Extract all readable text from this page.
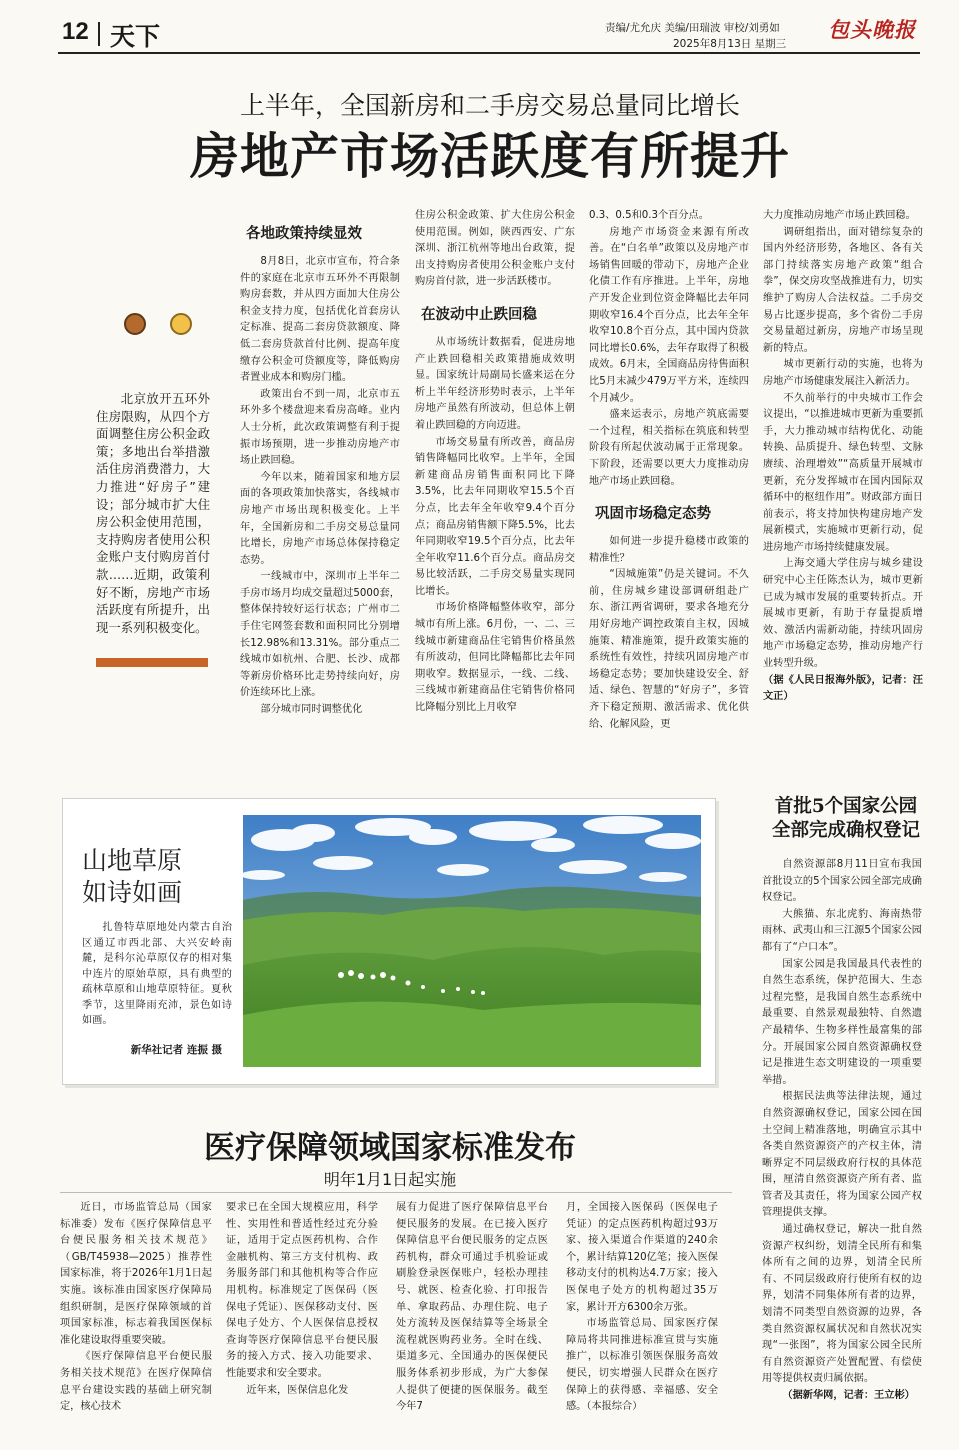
12 天下	责编/尤允庆 美编/田瑞波 审校/刘勇如
2025年8月13日 星期三
包头晚报
上半年，全国新房和二手房交易总量同比增长
房地产市场活跃度有所提升
北京放开五环外住房限购，从四个方面调整住房公积金政策；多地出台举措激活住房消费潜力，大力推进“好房子”建设；部分城市扩大住房公积金使用范围，支持购房者使用公积金账户支付购房首付款……近期，政策利好不断，房地产市场活跃度有所提升，出现一系列积极变化。
各地政策持续显效

8月8日，北京市宣布，符合条件的家庭在北京市五环外不再限制购房套数，并从四方面加大住房公积金支持力度，包括优化首套房认定标准、提高二套房贷款额度、降低二套房贷款首付比例、提高年度缴存公积金可贷额度等，降低购房者置业成本和购房门槛。

政策出台不到一周，北京市五环外多个楼盘迎来看房高峰。业内人士分析，此次政策调整有利于提振市场预期，进一步推动房地产市场止跌回稳。

今年以来，随着国家和地方层面的各项政策加快落实，各线城市房地产市场出现积极变化。上半年，全国新房和二手房交易总量同比增长，房地产市场总体保持稳定态势。

一线城市中，深圳市上半年二手房市场月均成交量超过5000套，整体保持较好运行状态；广州市二手住宅网签套数和面积同比分别增长12.98%和13.31%。部分重点二线城市如杭州、合肥、长沙、成都等新房价格环比走势持续向好，房价连续环比上涨。

部分城市同时调整优化

住房公积金政策、扩大住房公积金使用范围。例如，陕西西安、广东深圳、浙江杭州等地出台政策，提出支持购房者使用公积金账户支付购房首付款，进一步活跃楼市。

在波动中止跌回稳

从市场统计数据看，促进房地产止跌回稳相关政策措施成效明显。国家统计局副局长盛来运在分析上半年经济形势时表示，上半年房地产虽然有所波动，但总体上朝着止跌回稳的方向迈进。

市场交易量有所改善，商品房销售降幅同比收窄。上半年，全国新建商品房销售面积同比下降3.5%，比去年同期收窄15.5个百分点，比去年全年收窄9.4个百分点；商品房销售额下降5.5%，比去年同期收窄19.5个百分点，比去年全年收窄11.6个百分点。商品房交易比较活跃，二手房交易量实现同比增长。

市场价格降幅整体收窄，部分城市有所上涨。6月份，一、二、三线城市新建商品住宅销售价格虽然有所波动，但同比降幅都比去年同期收窄。数据显示，一线、二线、三线城市新建商品住宅销售价格同比降幅分别比上月收窄

0.3、0.5和0.3个百分点。

房地产市场资金来源有所改善。在“白名单”政策以及房地产市场销售回暖的带动下，房地产企业化债工作有序推进。上半年，房地产开发企业到位资金降幅比去年同期收窄16.4个百分点，比去年全年收窄10.8个百分点，其中国内贷款同比增长0.6%，去年存取得了积极成效。6月末，全国商品房待售面积比5月末减少479万平方米，连续四个月减少。

盛来运表示，房地产筑底需要一个过程，相关指标在筑底和转型阶段有所起伏波动属于正常现象。下阶段，还需要以更大力度推动房地产市场止跌回稳。

巩固市场稳定态势

如何进一步提升稳楼市政策的精准性？

“因城施策”仍是关键词。不久前，住房城乡建设部调研组赴广东、浙江两省调研，要求各地充分用好房地产调控政策自主权，因城施策、精准施策，提升政策实施的系统性有效性，持续巩固房地产市场稳定态势；要加快建设安全、舒适、绿色、智慧的“好房子”，多管齐下稳定预期、激活需求、优化供给、化解风险，更

大力度推动房地产市场止跌回稳。

调研组指出，面对错综复杂的国内外经济形势，各地区、各有关部门持续落实房地产政策“组合拳”，保交房攻坚战推进有力，切实维护了购房人合法权益。二手房交易占比逐步提高，多个省份二手房交易量超过新房，房地产市场呈现新的特点。

城市更新行动的实施，也将为房地产市场健康发展注入新活力。

不久前举行的中央城市工作会议提出，“以推进城市更新为重要抓手，大力推动城市结构优化、动能转换、品质提升、绿色转型、文脉赓续、治理增效”“高质量开展城市更新，充分发挥城市在国内国际双循环中的枢纽作用”。财政部方面日前表示，将支持加快构建房地产发展新模式，实施城市更新行动，促进房地产市场持续健康发展。

上海交通大学住房与城乡建设研究中心主任陈杰认为，城市更新已成为城市发展的重要转折点。开展城市更新，有助于存量提质增效、激活内需新动能，持续巩固房地产市场稳定态势，推动房地产行业转型升级。

（据《人民日报海外版》，记者：汪文正）

山地草原
如诗如画
扎鲁特草原地处内蒙古自治区通辽市西北部、大兴安岭南麓，是科尔沁草原仅存的相对集中连片的原始草原，具有典型的疏林草原和山地草原特征。夏秋季节，这里降雨充沛，景色如诗如画。
新华社记者 连振 摄
首批5个国家公园
全部完成确权登记

自然资源部8月11日宣布我国首批设立的5个国家公园全部完成确权登记。

大熊猫、东北虎豹、海南热带雨林、武夷山和三江源5个国家公园都有了“户口本”。

国家公园是我国最具代表性的自然生态系统，保护范围大、生态过程完整，是我国自然生态系统中最重要、自然景观最独特、自然遗产最精华、生物多样性最富集的部分。开展国家公园自然资源确权登记是推进生态文明建设的一项重要举措。

根据民法典等法律法规，通过自然资源确权登记，国家公园在国土空间上精准落地，明确宣示其中各类自然资源资产的产权主体，清晰界定不同层级政府行权的具体范围，厘清自然资源资产所有者、监管者及其责任，将为国家公园产权管理提供支撑。

通过确权登记，解决一批自然资源产权纠纷，划清全民所有和集体所有之间的边界，划清全民所有、不同层级政府行使所有权的边界，划清不同集体所有者的边界，划清不同类型自然资源的边界，各类自然资源权属状况和自然状况实现“一张图”，将为国家公园全民所有自然资源资产处置配置、有偿使用等提供权责归属依据。

（据新华网，记者：王立彬）

医疗保障领域国家标准发布
明年1月1日起实施

近日，市场监管总局（国家标准委）发布《医疗保障信息平台便民服务相关技术规范》（GB/T45938—2025）推荐性国家标准，将于2026年1月1日起实施。该标准由国家医疗保障局组织研制，是医疗保障领域的首项国家标准，标志着我国医保标准化建设取得重要突破。

《医疗保障信息平台便民服务相关技术规范》在医疗保障信息平台建设实践的基础上研究制定，核心技术

要求已在全国大规模应用，科学性、实用性和普适性经过充分验证，适用于定点医药机构、合作金融机构、第三方支付机构、政务服务部门和其他机构等合作应用机构。标准规定了医保码（医保电子凭证）、医保移动支付、医保电子处方、个人医保信息授权查询等医疗保障信息平台便民服务的接入方式、接入功能要求、性能要求和安全要求。

近年来，医保信息化发

展有力促进了医疗保障信息平台便民服务的发展。在已接入医疗保障信息平台便民服务的定点医药机构，群众可通过手机验证或刷脸登录医保账户，轻松办理挂号、就医、检查化验、打印报告单、拿取药品、办理住院、电子处方流转及医保结算等全场景全流程就医购药业务。全时在线、渠道多元、全国通办的医保便民服务体系初步形成，为广大参保人提供了便捷的医保服务。截至今年7

月，全国接入医保码（医保电子凭证）的定点医药机构超过93万家、接入渠道合作渠道的240余个，累计结算120亿笔；接入医保移动支付的机构达4.7万家；接入医保电子处方的机构超过35万家，累计开方6300余万张。

市场监管总局、国家医疗保障局将共同推进标准宣贯与实施推广，以标准引领医保服务高效便民，切实增强人民群众在医疗保障上的获得感、幸福感、安全感。（本报综合）
